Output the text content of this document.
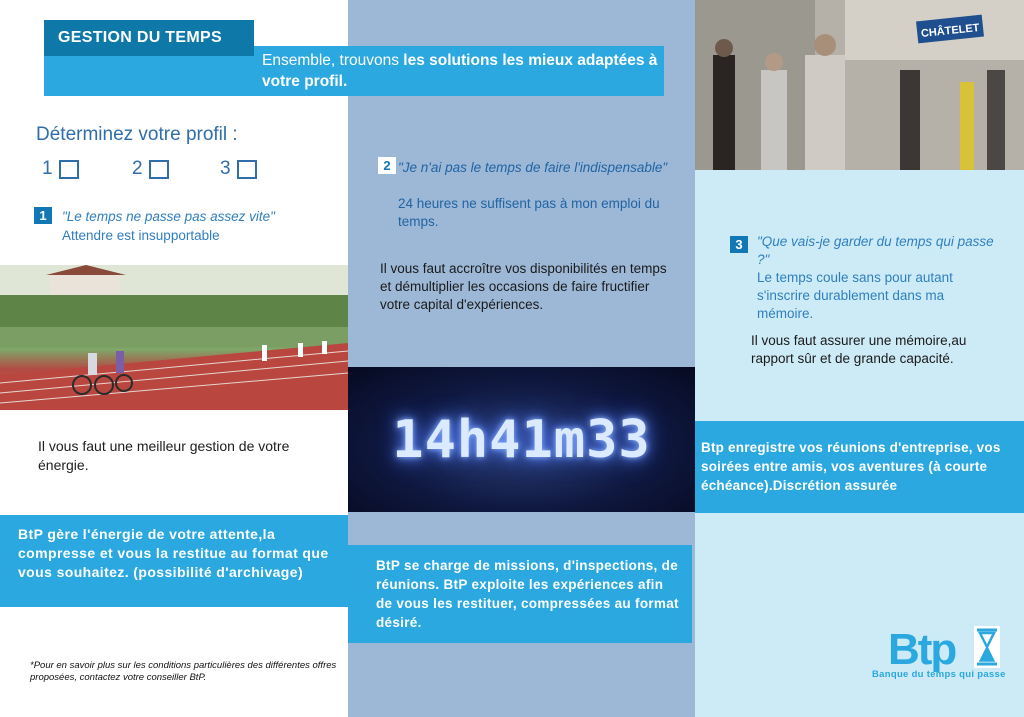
GESTION DU TEMPS
Ensemble, trouvons les solutions les mieux adaptées à votre profil.
Déterminez votre profil :
1	2	3
1	"Le temps ne passe pas assez vite"
Attendre est insupportable
Il vous faut une meilleur gestion de votre énergie.
BtP gère l'énergie de votre attente,la compresse et vous la restitue au format que vous souhaitez. (possibilité d'archivage)
*Pour en savoir plus sur les conditions particulières des différentes offres proposées, contactez votre conseiller BtP.
2 "Je n'ai pas le temps de faire l'indispensable"
24 heures ne suffisent pas à mon emploi du temps.
Il vous faut accroître vos disponibilités en temps et démultiplier les occasions de faire fructifier votre capital d'expériences.
14h41m33
BtP se charge de missions, d'inspections, de réunions. BtP exploite les expériences afin de vous les restituer, compressées au format désiré.
CHÂTELET
3	"Que vais-je garder du temps qui passe ?"
Le temps coule sans pour autant s'inscrire durablement dans ma mémoire.
Il vous faut assurer une mémoire,au rapport sûr et de grande capacité.
Btp enregistre vos réunions d'entreprise, vos soirées entre amis, vos aventures (à courte échéance).Discrétion assurée
Btp
Banque du temps qui passe
